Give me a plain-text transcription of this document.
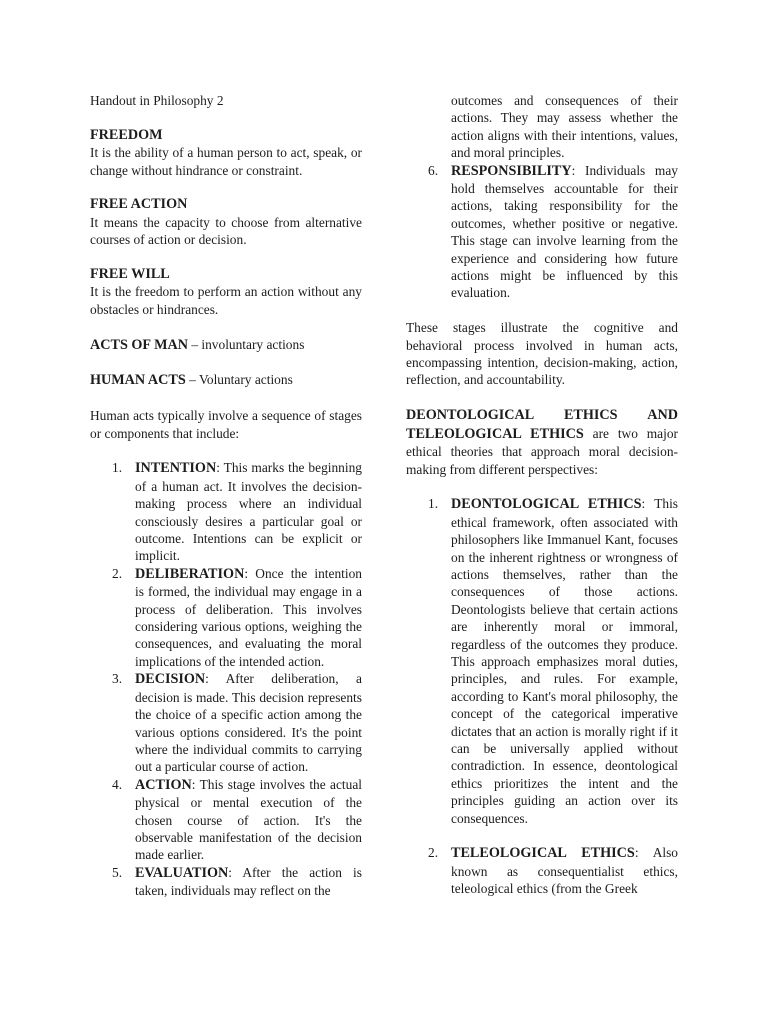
Handout in Philosophy 2

FREEDOM

It is the ability of a human person to act, speak, or change without hindrance or constraint.

FREE ACTION

It means the capacity to choose from alternative courses of action or decision.

FREE WILL

It is the freedom to perform an action without any obstacles or hindrances.

ACTS OF MAN – involuntary actions

HUMAN ACTS – Voluntary actions

Human acts typically involve a sequence of stages or components that include:

1. INTENTION: This marks the beginning of a human act. It involves the decision-making process where an individual consciously desires a particular goal or outcome. Intentions can be explicit or implicit.
2. DELIBERATION: Once the intention is formed, the individual may engage in a process of deliberation. This involves considering various options, weighing the consequences, and evaluating the moral implications of the intended action.
3. DECISION: After deliberation, a decision is made. This decision represents the choice of a specific action among the various options considered. It's the point where the individual commits to carrying out a particular course of action.
4. ACTION: This stage involves the actual physical or mental execution of the chosen course of action. It's the observable manifestation of the decision made earlier.
5. EVALUATION: After the action is taken, individuals may reflect on the

outcomes and consequences of their actions. They may assess whether the action aligns with their intentions, values, and moral principles.

6. RESPONSIBILITY: Individuals may hold themselves accountable for their actions, taking responsibility for the outcomes, whether positive or negative. This stage can involve learning from the experience and considering how future actions might be influenced by this evaluation.

These stages illustrate the cognitive and behavioral process involved in human acts, encompassing intention, decision-making, action, reflection, and accountability.

DEONTOLOGICAL ETHICS AND TELEOLOGICAL ETHICS are two major ethical theories that approach moral decision-making from different perspectives:

1. DEONTOLOGICAL ETHICS: This ethical framework, often associated with philosophers like Immanuel Kant, focuses on the inherent rightness or wrongness of actions themselves, rather than the consequences of those actions. Deontologists believe that certain actions are inherently moral or immoral, regardless of the outcomes they produce. This approach emphasizes moral duties, principles, and rules. For example, according to Kant's moral philosophy, the concept of the categorical imperative dictates that an action is morally right if it can be universally applied without contradiction. In essence, deontological ethics prioritizes the intent and the principles guiding an action over its consequences.
2. TELEOLOGICAL ETHICS: Also known as consequentialist ethics, teleological ethics (from the Greek
